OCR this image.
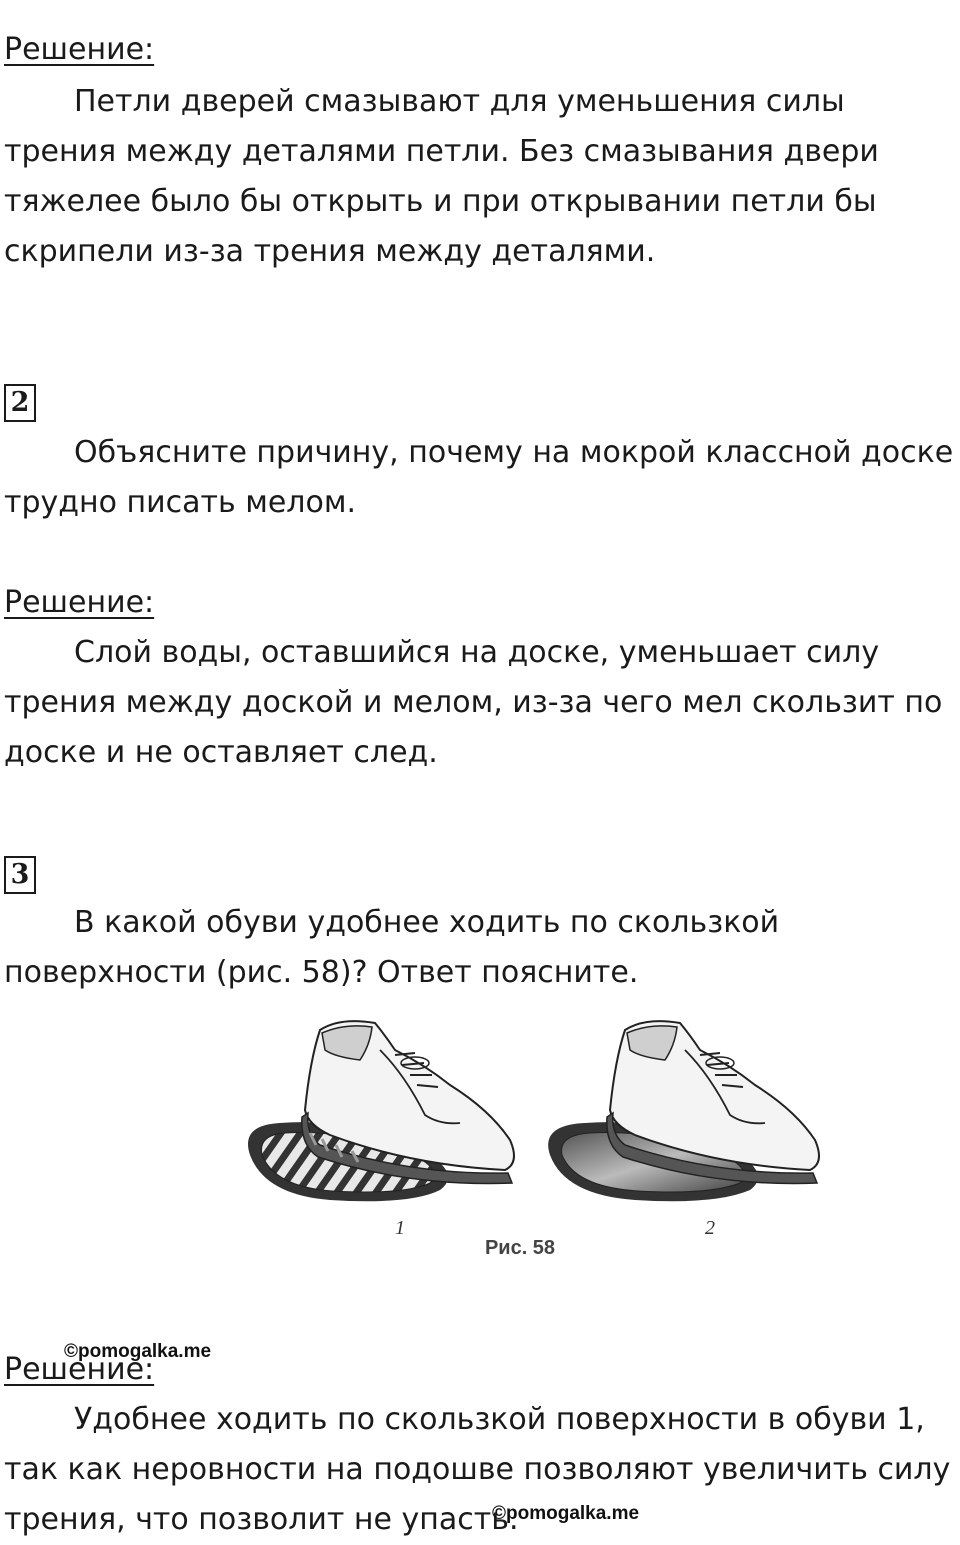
Решение:

Петли дверей смазывают для уменьшения силы трения между деталями петли. Без смазывания двери тяжелее было бы открыть и при открывании петли бы скрипели из-за трения между деталями.

2

Объясните причину, почему на мокрой классной доске трудно писать мелом.

Решение:

Слой воды, оставшийся на доске, уменьшает силу трения между доской и мелом, из-за чего мел скользит по доске и не оставляет след.

3

В какой обуви удобнее ходить по скользкой поверхности (рис. 58)? Ответ поясните.

1	2
Рис. 58
Решение:
©pomogalka.me

Удобнее ходить по скользкой поверхности в обуви 1, так как неровности на подошве позволяют увеличить силу трения, что позволит не упасть.

©pomogalka.me
